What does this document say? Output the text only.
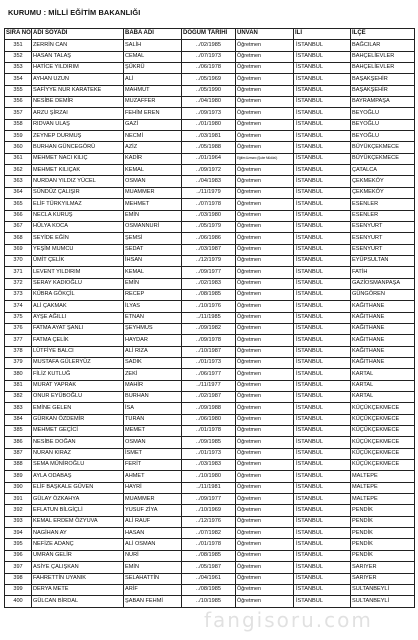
KURUMU : MİLLİ EĞİTİM BAKANLIĞI
SIRA NO	ADI SOYADI	BABA ADI	DOĞUM TARİHİ	UNVAN	İLİ	İLÇE
351	ZERRİN CAN	SALİH	../02/1985	Öğretmen	İSTANBUL	BAĞCILAR
352	HASAN TALAŞ	CEMAL	../07/1973	Öğretmen	İSTANBUL	BAHÇELİEVLER
353	HATİCE YILDIRIM	ŞÜKRÜ	../06/1978	Öğretmen	İSTANBUL	BAHÇELİEVLER
354	AYHAN UZUN	ALİ	../05/1969	Öğretmen	İSTANBUL	BAŞAKŞEHİR
355	SAFİYYE NUR KARATEKE	MAHMUT	../05/1990	Öğretmen	İSTANBUL	BAŞAKŞEHİR
356	NESİBE DEMİR	MUZAFFER	../04/1980	Öğretmen	İSTANBUL	BAYRAMPAŞA
357	ARZU ŞİRZAI	FEHİM EREN	../09/1973	Öğretmen	İSTANBUL	BEYOĞLU
358	RIDVAN ULAŞ	GAZİ	../01/1980	Öğretmen	İSTANBUL	BEYOĞLU
359	ZEYNEP DURMUŞ	NECMİ	../03/1981	Öğretmen	İSTANBUL	BEYOĞLU
360	BURHAN GÜNCEGÖRÜ	AZİZ	../05/1988	Öğretmen	İSTANBUL	BÜYÜKÇEKMECE
361	MEHMET NACI KILIÇ	KADİR	../01/1964	Eğitim Uzmanı (Şube Müdürü)	İSTANBUL	BÜYÜKÇEKMECE
362	MEHMET KILIÇAK	KEMAL	../09/1972	Öğretmen	İSTANBUL	ÇATALCA
363	NURDAN YILDIZ YÜCEL	OSMAN	../04/1983	Öğretmen	İSTANBUL	ÇEKMEKÖY
364	SÜNDÜZ ÇALIŞIR	MUAMMER	../11/1979	Öğretmen	İSTANBUL	ÇEKMEKÖY
365	ELİF TÜRKYILMAZ	MEHMET	../07/1978	Öğretmen	İSTANBUL	ESENLER
366	NECLA KURUŞ	EMİN	../03/1980	Öğretmen	İSTANBUL	ESENLER
367	HÜLYA KOCA	OSMANNURİ	../05/1979	Öğretmen	İSTANBUL	ESENYURT
368	SEYİDE EĞİN	ŞEMSİ	../06/1986	Öğretmen	İSTANBUL	ESENYURT
369	YEŞİM MUMCU	SEDAT	../03/1987	Öğretmen	İSTANBUL	ESENYURT
370	ÜMİT ÇELİK	İHSAN	../12/1979	Öğretmen	İSTANBUL	EYÜPSULTAN
371	LEVENT YILDIRIM	KEMAL	../09/1977	Öğretmen	İSTANBUL	FATİH
372	SERAY KADIOĞLU	EMİN	../02/1983	Öğretmen	İSTANBUL	GAZİOSMANPAŞA
373	KÜBRA GÖKÇİL	RECEP	../08/1985	Öğretmen	İSTANBUL	GÜNGÖREN
374	ALİ ÇAKMAK	İLYAS	../10/1976	Öğretmen	İSTANBUL	KAĞITHANE
375	AYŞE AĞILLI	ETNAN	../11/1985	Öğretmen	İSTANBUL	KAĞITHANE
376	FATMA AYAT ŞANLI	ŞEYHMUS	../09/1982	Öğretmen	İSTANBUL	KAĞITHANE
377	FATMA ÇELİK	HAYDAR	../09/1978	Öğretmen	İSTANBUL	KAĞITHANE
378	LÜTFİYE BALCI	ALİ RIZA	../10/1987	Öğretmen	İSTANBUL	KAĞITHANE
379	MUSTAFA GÜLERYÜZ	SADIK	../01/1973	Öğretmen	İSTANBUL	KAĞITHANE
380	FİLİZ KUTLUĞ	ZEKİ	../06/1977	Öğretmen	İSTANBUL	KARTAL
381	MURAT YAPRAK	MAHİR	../11/1977	Öğretmen	İSTANBUL	KARTAL
382	ONUR EYÜBOĞLU	BURHAN	../02/1987	Öğretmen	İSTANBUL	KARTAL
383	EMİNE GELEN	İSA	../09/1988	Öğretmen	İSTANBUL	KÜÇÜKÇEKMECE
384	GÜRKAN ÖZDEMİR	TURAN	../06/1980	Öğretmen	İSTANBUL	KÜÇÜKÇEKMECE
385	MEHMET GEÇİCİ	MEMET	../01/1978	Öğretmen	İSTANBUL	KÜÇÜKÇEKMECE
386	NESİBE DOĞAN	OSMAN	../09/1985	Öğretmen	İSTANBUL	KÜÇÜKÇEKMECE
387	NURAN KIRAZ	İSMET	../01/1973	Öğretmen	İSTANBUL	KÜÇÜKÇEKMECE
388	SEMA MÜNİROĞLU	FERİT	../03/1983	Öğretmen	İSTANBUL	KÜÇÜKÇEKMECE
389	AYLA ODABAŞ	AHMET	../10/1980	Öğretmen	İSTANBUL	MALTEPE
390	ELİF BAŞKALE GÜVEN	HAYRİ	../11/1981	Öğretmen	İSTANBUL	MALTEPE
391	GÜLAY ÖZKAHYA	MUAMMER	../09/1977	Öğretmen	İSTANBUL	MALTEPE
392	EFLATUN BİLGİÇLİ	YUSUF ZİYA	../10/1969	Öğretmen	İSTANBUL	PENDİK
393	KEMAL ERDEM ÖZYUVA	ALİ RAUF	../12/1976	Öğretmen	İSTANBUL	PENDİK
394	NAGİHAN AY	HASAN	../07/1982	Öğretmen	İSTANBUL	PENDİK
395	NEFİZE ADANÇ	ALİ OSMAN	../01/1978	Öğretmen	İSTANBUL	PENDİK
396	UMRAN GELİR	NURİ	../08/1985	Öğretmen	İSTANBUL	PENDİK
397	ASİYE ÇALIŞKAN	EMİN	../05/1987	Öğretmen	İSTANBUL	SARIYER
398	FAHRETTİN UYANIK	SELAHATTİN	../04/1961	Öğretmen	İSTANBUL	SARIYER
399	DERYA METE	ARİF	../08/1985	Öğretmen	İSTANBUL	SULTANBEYLİ
400	GÜLCAN BİRDAL	ŞABAN FEHMİ	../10/1985	Öğretmen	İSTANBUL	SULTANBEYLİ
fangisoru.com
